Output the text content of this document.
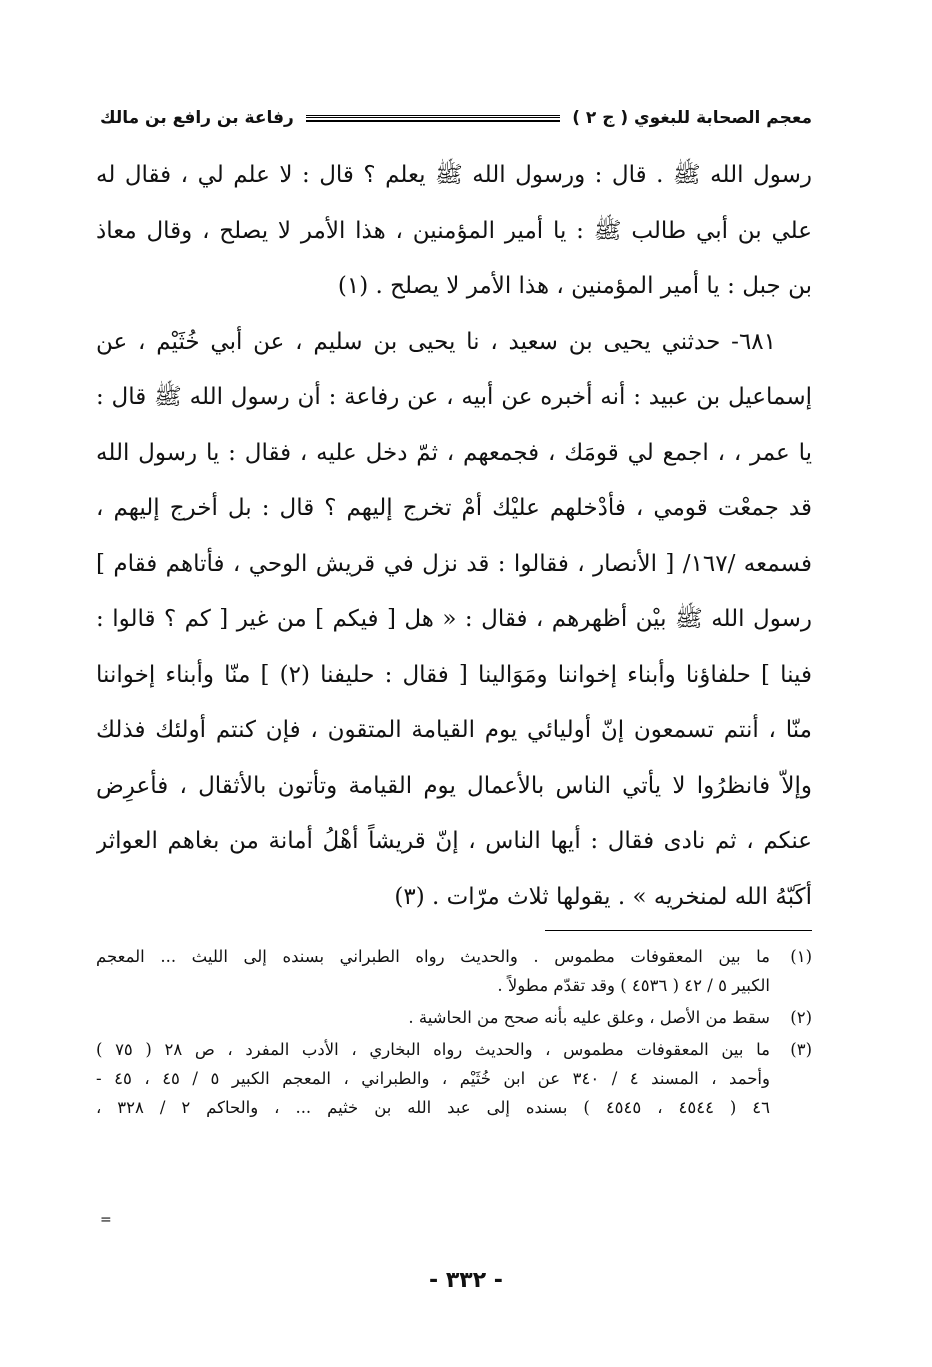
معجم الصحابة للبغوي ( ج ٢ )
رفاعة بن رافع بن مالك
رسول الله ﷺ . قال : ورسول الله ﷺ يعلم ؟ قال : لا علم لي ، فقال له
علي بن أبي طالب ﷺ : يا أمير المؤمنين ، هذا الأمر لا يصلح ، وقال معاذ
بن جبل : يا أمير المؤمنين ، هذا الأمر لا يصلح . (١)
٦٨١- حدثني يحيى بن سعيد ، نا يحيى بن سليم ، عن أبي خُثَيْم ، عن
إسماعيل بن عبيد : أنه أخبره عن أبيه ، عن رفاعة : أن رسول الله ﷺ قال :
يا عمر ، ، اجمع لي قومَك ، فجمعهم ، ثمّ دخل عليه ، فقال : يا رسول الله
قد جمعْت قومي ، فأدْخلهم عليْك أمْ تخرج إليهم ؟ قال : بل أخرج إليهم ،
فسمعه /١٦٧/ [ الأنصار ، فقالوا : قد نزل في قريش الوحي ، فأتاهم فقام ]
رسول الله ﷺ بيْن أظهرهم ، فقال : « هل [ فيكم ] من غير [ كم ؟ قالوا :
فينا ] حلفاؤنا وأبناء إخواننا ومَوَالينا [ فقال : حليفنا (٢) ] منّا وأبناء إخواننا
منّا ، أنتم تسمعون إنّ أوليائي يوم القيامة المتقون ، فإن كنتم أولئك فذلك
وإلاّ فانظرُوا لا يأتي الناس بالأعمال يوم القيامة وتأتون بالأثقال ، فأعرِض
عنكم ، ثم نادى فقال : أيها الناس ، إنّ قريشاً أهْلُ أمانة من بغاهم العواثر
أكَبّهُ الله لمنخريه » . يقولها ثلاث مرّات . (٣)
(١)
ما بين المعقوفات مطموس . والحديث رواه الطبراني بسنده إلى الليث ... المعجم
الكبير ٥ / ٤٢ ( ٤٥٣٦ ) وقد تقدّم مطولاً .
(٢)
سقط من الأصل ، وعلق عليه بأنه صحح من الحاشية .
(٣)
ما بين المعقوفات مطموس ، والحديث رواه البخاري ، الأدب المفرد ، ص ٢٨ ( ٧٥ )
وأحمد ، المسند ٤ / ٣٤٠ عن ابن خُثَيْم ، والطبراني ، المعجم الكبير ٥ / ٤٥ ، ٤٥ -
٤٦ ( ٤٥٤٤ ، ٤٥٤٥ ) بسنده إلى عبد الله بن خثيم ... ، والحاكم ٢ / ٣٢٨ ،
=
- ٣٣٢ -
